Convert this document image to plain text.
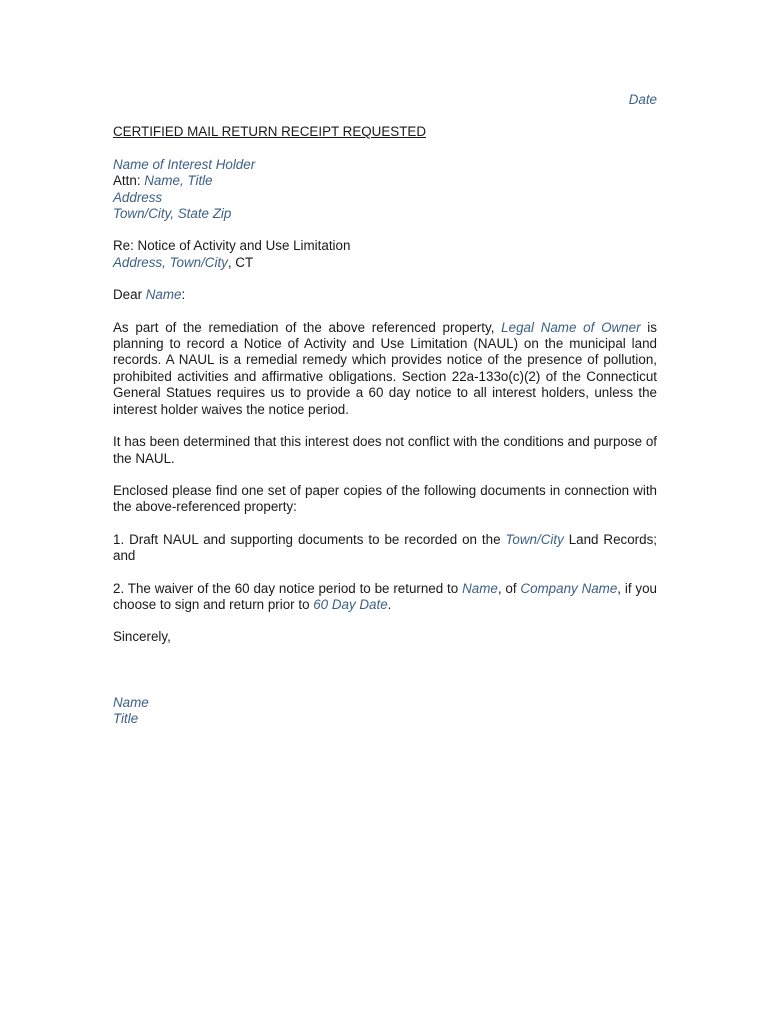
Date
CERTIFIED MAIL RETURN RECEIPT REQUESTED
Name of Interest Holder
Attn: Name, Title
Address
Town/City, State Zip
Re: Notice of Activity and Use Limitation
Address, Town/City, CT
Dear Name:
As part of the remediation of the above referenced property, Legal Name of Owner is planning to record a Notice of Activity and Use Limitation (NAUL) on the municipal land records. A NAUL is a remedial remedy which provides notice of the presence of pollution, prohibited activities and affirmative obligations. Section 22a-133o(c)(2) of the Connecticut General Statues requires us to provide a 60 day notice to all interest holders, unless the interest holder waives the notice period.
It has been determined that this interest does not conflict with the conditions and purpose of the NAUL.
Enclosed please find one set of paper copies of the following documents in connection with the above-referenced property:
1. Draft NAUL and supporting documents to be recorded on the Town/City Land Records; and
2. The waiver of the 60 day notice period to be returned to Name, of Company Name, if you choose to sign and return prior to 60 Day Date.
Sincerely,
Name
Title
